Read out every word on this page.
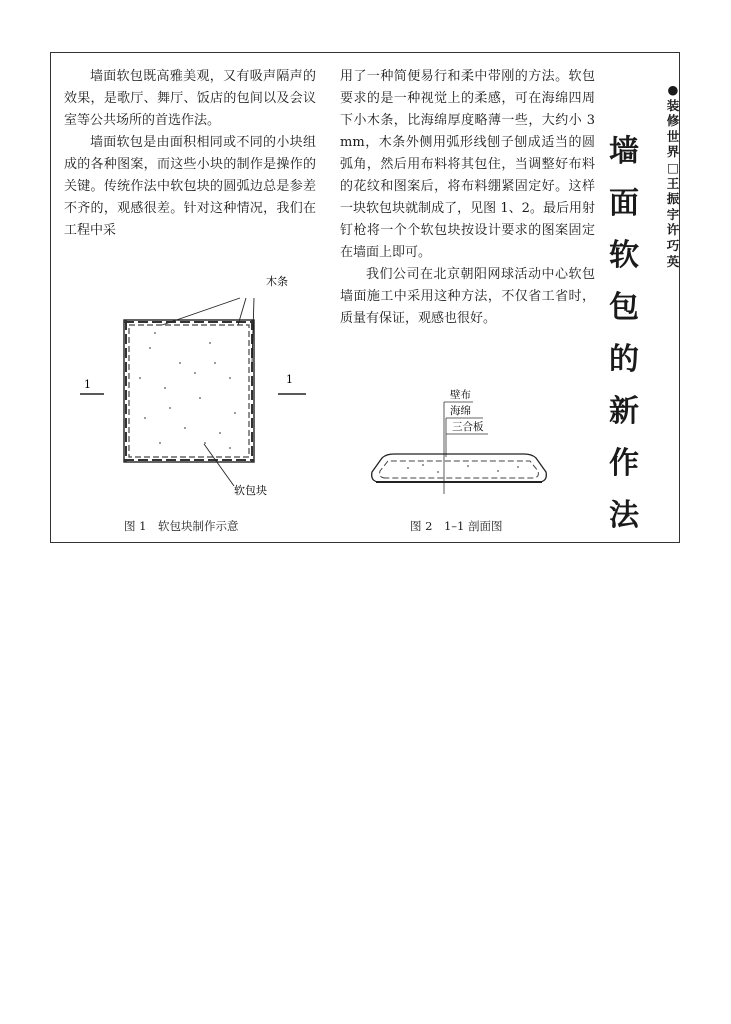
墙面软包既高雅美观，又有吸声隔声的效果，是歌厅、舞厅、饭店的包间以及会议室等公共场所的首选作法。

墙面软包是由面积相同或不同的小块组成的各种图案，而这些小块的制作是操作的关键。传统作法中软包块的圆弧边总是参差不齐的，观感很差。针对这种情况，我们在工程中采

用了一种简便易行和柔中带刚的方法。软包要求的是一种视觉上的柔感，可在海绵四周下小木条，比海绵厚度略薄一些，大约小 3 mm，木条外侧用弧形线刨子刨成适当的圆弧角，然后用布料将其包住，当调整好布料的花纹和图案后，将布料绷紧固定好。这样一块软包块就制成了，见图 1、2。最后用射钉枪将一个个软包块按设计要求的图案固定在墙面上即可。

我们公司在北京朝阳网球活动中心软包墙面施工中采用这种方法，不仅省工省时，质量有保证，观感也很好。

● 装修世界 □ 王振宇　许巧英
墙
面
软
包
的
新
作
法
木条
软包块
1	1
图 1　软包块制作示意
壁布
海绵
三合板
图 2　1–1 剖面图
